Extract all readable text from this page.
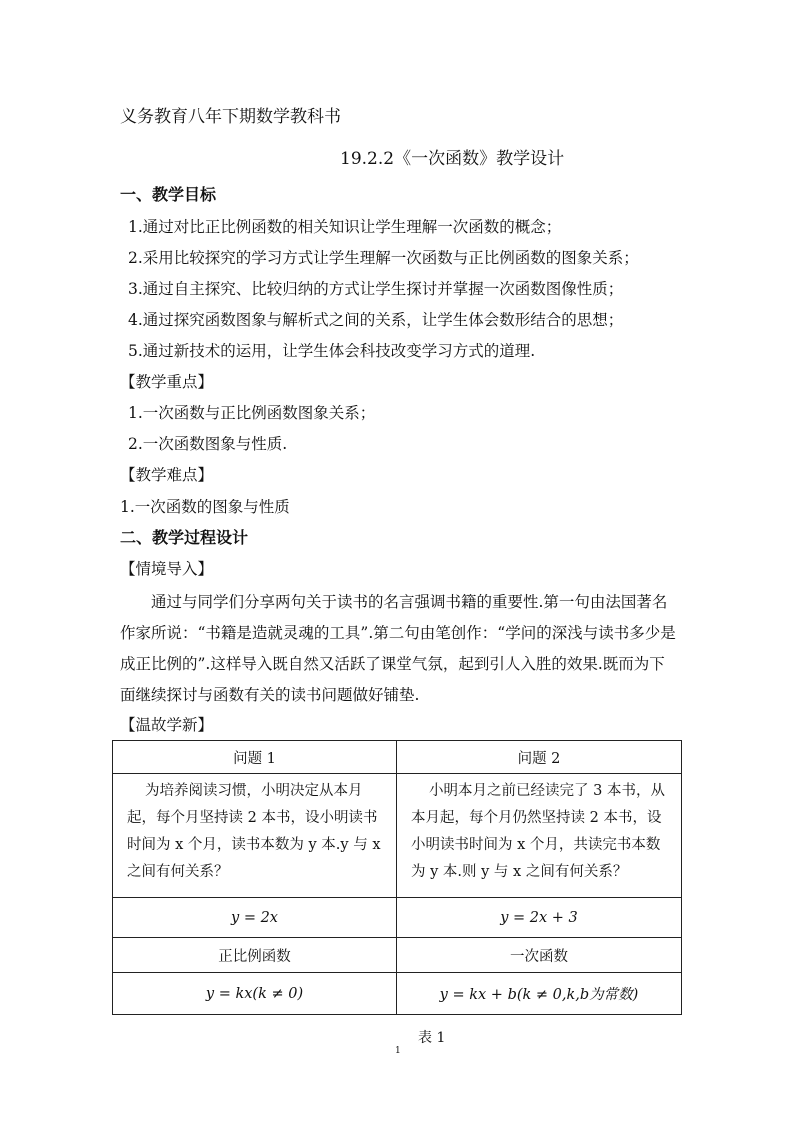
义务教育八年下期数学教科书
19.2.2《一次函数》教学设计
一、教学目标
1.通过对比正比例函数的相关知识让学生理解一次函数的概念；
2.采用比较探究的学习方式让学生理解一次函数与正比例函数的图象关系；
3.通过自主探究、比较归纳的方式让学生探讨并掌握一次函数图像性质；
4.通过探究函数图象与解析式之间的关系，让学生体会数形结合的思想；
5.通过新技术的运用，让学生体会科技改变学习方式的道理.
【教学重点】
1.一次函数与正比例函数图象关系；
2.一次函数图象与性质.
【教学难点】
1.一次函数的图象与性质
二、教学过程设计
【情境导入】
通过与同学们分享两句关于读书的名言强调书籍的重要性.第一句由法国著名作家所说：“书籍是造就灵魂的工具”.第二句由笔创作：“学问的深浅与读书多少是成正比例的”.这样导入既自然又活跃了课堂气氛，起到引人入胜的效果.既而为下面继续探讨与函数有关的读书问题做好铺垫.
【温故学新】
问题 1	问题 2
为培养阅读习惯，小明决定从本月起，每个月坚持读 2 本书，设小明读书时间为 x 个月，读书本数为 y 本.y 与 x 之间有何关系？	小明本月之前已经读完了 3 本书，从本月起，每个月仍然坚持读 2 本书，设小明读书时间为 x 个月，共读完书本数为 y 本.则 y 与 x 之间有何关系？
y = 2x	y = 2x + 3
正比例函数	一次函数
y = kx(k ≠ 0)	y = kx + b(k ≠ 0,k,b为常数)
表 1
1
